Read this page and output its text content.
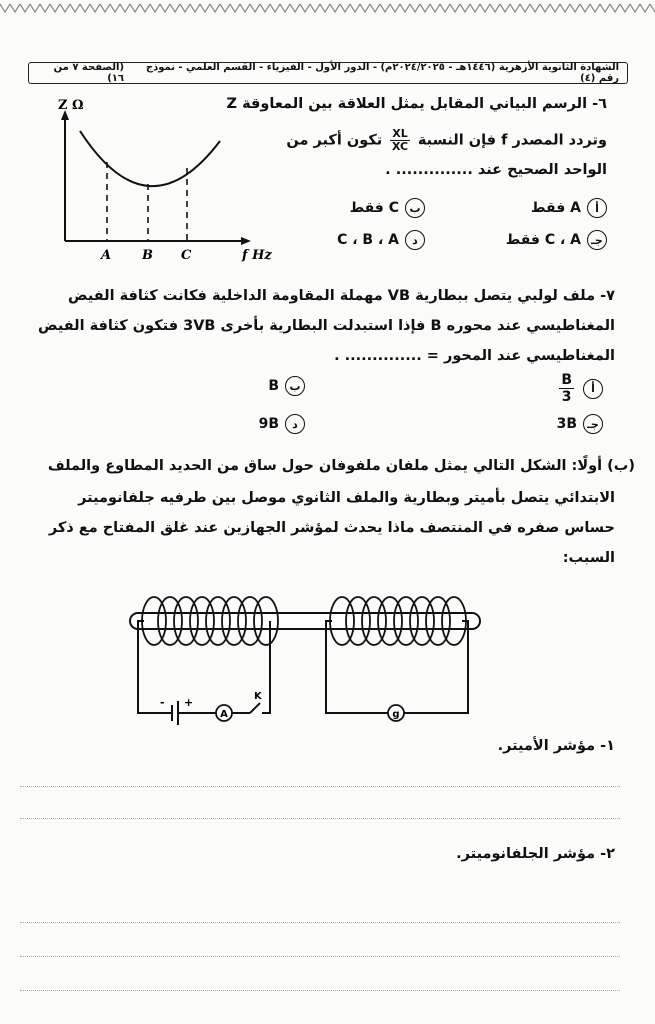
الشهادة الثانوية الأزهرية (١٤٤٦هـ - ٢٠٢٤/٢٠٢٥م) - الدور الأول - الفيزياء - القسم العلمي - نموذج رقم (٤)
(الصفحة ٧ من ١٦)
٦- الرسم البياني المقابل يمثل العلاقة بين المعاوقة Z
وتردد المصدر f فإن النسبة
$\frac{XL}{XC}$
تكون أكبر من
الواحد الصحيح عند .............. .
أ
A فقط
ب
C فقط
جـ
C ، A فقط
د
C ، B ، A
Z Ω
A B C	f Hz
٧- ملف لولبي يتصل ببطارية VB مهملة المقاومة الداخلية فكانت كثافة الفيض
المغناطيسي عند محوره B فإذا استبدلت البطارية بأخرى 3VB فتكون كثافة الفيض
المغناطيسي عند المحور = .............. .
أ
$\frac{B}{3}$
ب
B
جـ
3B
د
9B
(ب) أولًا: الشكل التالي يمثل ملفان ملفوفان حول ساق من الحديد المطاوع والملف
الابتدائي يتصل بأميتر وبطارية والملف الثانوي موصل بين طرفيه جلفانوميتر
حساس صفره في المنتصف ماذا يحدث لمؤشر الجهازين عند غلق المفتاح مع ذكر
السبب:
- +
A
K
g
١- مؤشر الأميتر.
٢- مؤشر الجلفانوميتر.
